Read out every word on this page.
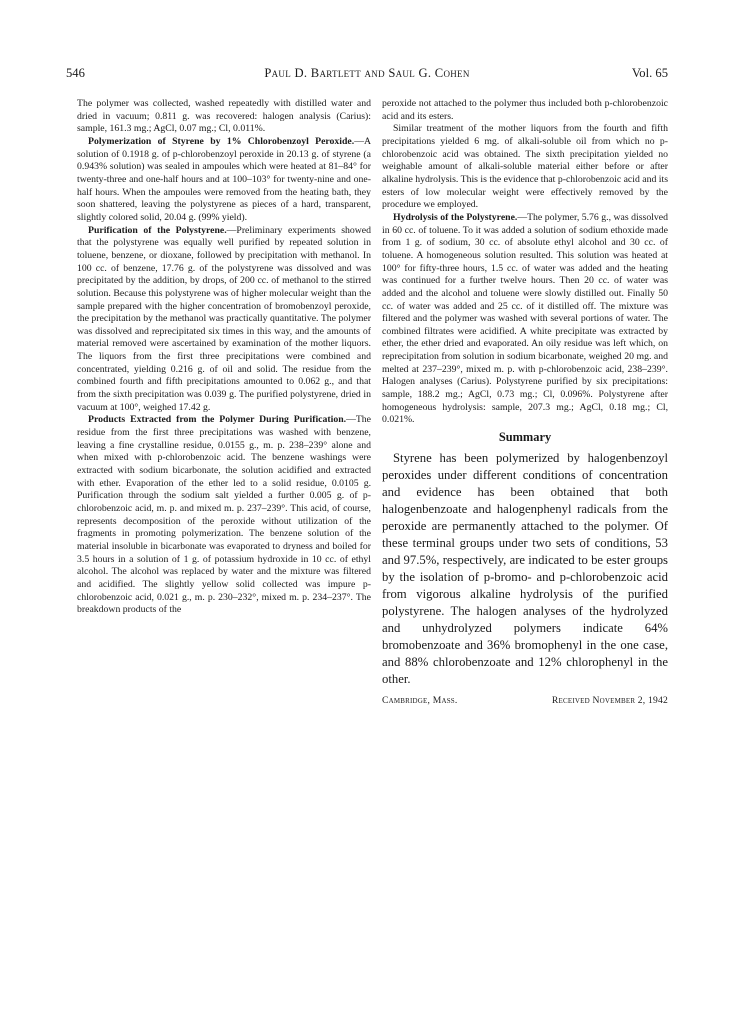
546	Paul D. Bartlett and Saul G. Cohen	Vol. 65

The polymer was collected, washed repeatedly with distilled water and dried in vacuum; 0.811 g. was recovered: halogen analysis (Carius): sample, 161.3 mg.; AgCl, 0.07 mg.; Cl, 0.011%.

Polymerization of Styrene by 1% Chlorobenzoyl Peroxide.—A solution of 0.1918 g. of p-chlorobenzoyl peroxide in 20.13 g. of styrene (a 0.943% solution) was sealed in ampoules which were heated at 81–84° for twenty-three and one-half hours and at 100–103° for twenty-nine and one-half hours. When the ampoules were removed from the heating bath, they soon shattered, leaving the polystyrene as pieces of a hard, transparent, slightly colored solid, 20.04 g. (99% yield).

Purification of the Polystyrene.—Preliminary experiments showed that the polystyrene was equally well purified by repeated solution in toluene, benzene, or dioxane, followed by precipitation with methanol. In 100 cc. of benzene, 17.76 g. of the polystyrene was dissolved and was precipitated by the addition, by drops, of 200 cc. of methanol to the stirred solution. Because this polystyrene was of higher molecular weight than the sample prepared with the higher concentration of bromobenzoyl peroxide, the precipitation by the methanol was practically quantitative. The polymer was dissolved and reprecipitated six times in this way, and the amounts of material removed were ascertained by examination of the mother liquors. The liquors from the first three precipitations were combined and concentrated, yielding 0.216 g. of oil and solid. The residue from the combined fourth and fifth precipitations amounted to 0.062 g., and that from the sixth precipitation was 0.039 g. The purified polystyrene, dried in vacuum at 100°, weighed 17.42 g.

Products Extracted from the Polymer During Purification.—The residue from the first three precipitations was washed with benzene, leaving a fine crystalline residue, 0.0155 g., m. p. 238–239° alone and when mixed with p-chlorobenzoic acid. The benzene washings were extracted with sodium bicarbonate, the solution acidified and extracted with ether. Evaporation of the ether led to a solid residue, 0.0105 g. Purification through the sodium salt yielded a further 0.005 g. of p-chlorobenzoic acid, m. p. and mixed m. p. 237–239°. This acid, of course, represents decomposition of the peroxide without utilization of the fragments in promoting polymerization. The benzene solution of the material insoluble in bicarbonate was evaporated to dryness and boiled for 3.5 hours in a solution of 1 g. of potassium hydroxide in 10 cc. of ethyl alcohol. The alcohol was replaced by water and the mixture was filtered and acidified. The slightly yellow solid collected was impure p-chlorobenzoic acid, 0.021 g., m. p. 230–232°, mixed m. p. 234–237°. The breakdown products of the

peroxide not attached to the polymer thus included both p-chlorobenzoic acid and its esters.

Similar treatment of the mother liquors from the fourth and fifth precipitations yielded 6 mg. of alkali-soluble oil from which no p-chlorobenzoic acid was obtained. The sixth precipitation yielded no weighable amount of alkali-soluble material either before or after alkaline hydrolysis. This is the evidence that p-chlorobenzoic acid and its esters of low molecular weight were effectively removed by the procedure we employed.

Hydrolysis of the Polystyrene.—The polymer, 5.76 g., was dissolved in 60 cc. of toluene. To it was added a solution of sodium ethoxide made from 1 g. of sodium, 30 cc. of absolute ethyl alcohol and 30 cc. of toluene. A homogeneous solution resulted. This solution was heated at 100° for fifty-three hours, 1.5 cc. of water was added and the heating was continued for a further twelve hours. Then 20 cc. of water was added and the alcohol and toluene were slowly distilled out. Finally 50 cc. of water was added and 25 cc. of it distilled off. The mixture was filtered and the polymer was washed with several portions of water. The combined filtrates were acidified. A white precipitate was extracted by ether, the ether dried and evaporated. An oily residue was left which, on reprecipitation from solution in sodium bicarbonate, weighed 20 mg. and melted at 237–239°, mixed m. p. with p-chlorobenzoic acid, 238–239°. Halogen analyses (Carius). Polystyrene purified by six precipitations: sample, 188.2 mg.; AgCl, 0.73 mg.; Cl, 0.096%. Polystyrene after homogeneous hydrolysis: sample, 207.3 mg.; AgCl, 0.18 mg.; Cl, 0.021%.

Summary

Styrene has been polymerized by halogenbenzoyl peroxides under different conditions of concentration and evidence has been obtained that both halogenbenzoate and halogenphenyl radicals from the peroxide are permanently attached to the polymer. Of these terminal groups under two sets of conditions, 53 and 97.5%, respectively, are indicated to be ester groups by the isolation of p-bromo- and p-chlorobenzoic acid from vigorous alkaline hydrolysis of the purified polystyrene. The halogen analyses of the hydrolyzed and unhydrolyzed polymers indicate 64% bromobenzoate and 36% bromophenyl in the one case, and 88% chlorobenzoate and 12% chlorophenyl in the other.

Cambridge, Mass.	Received November 2, 1942
